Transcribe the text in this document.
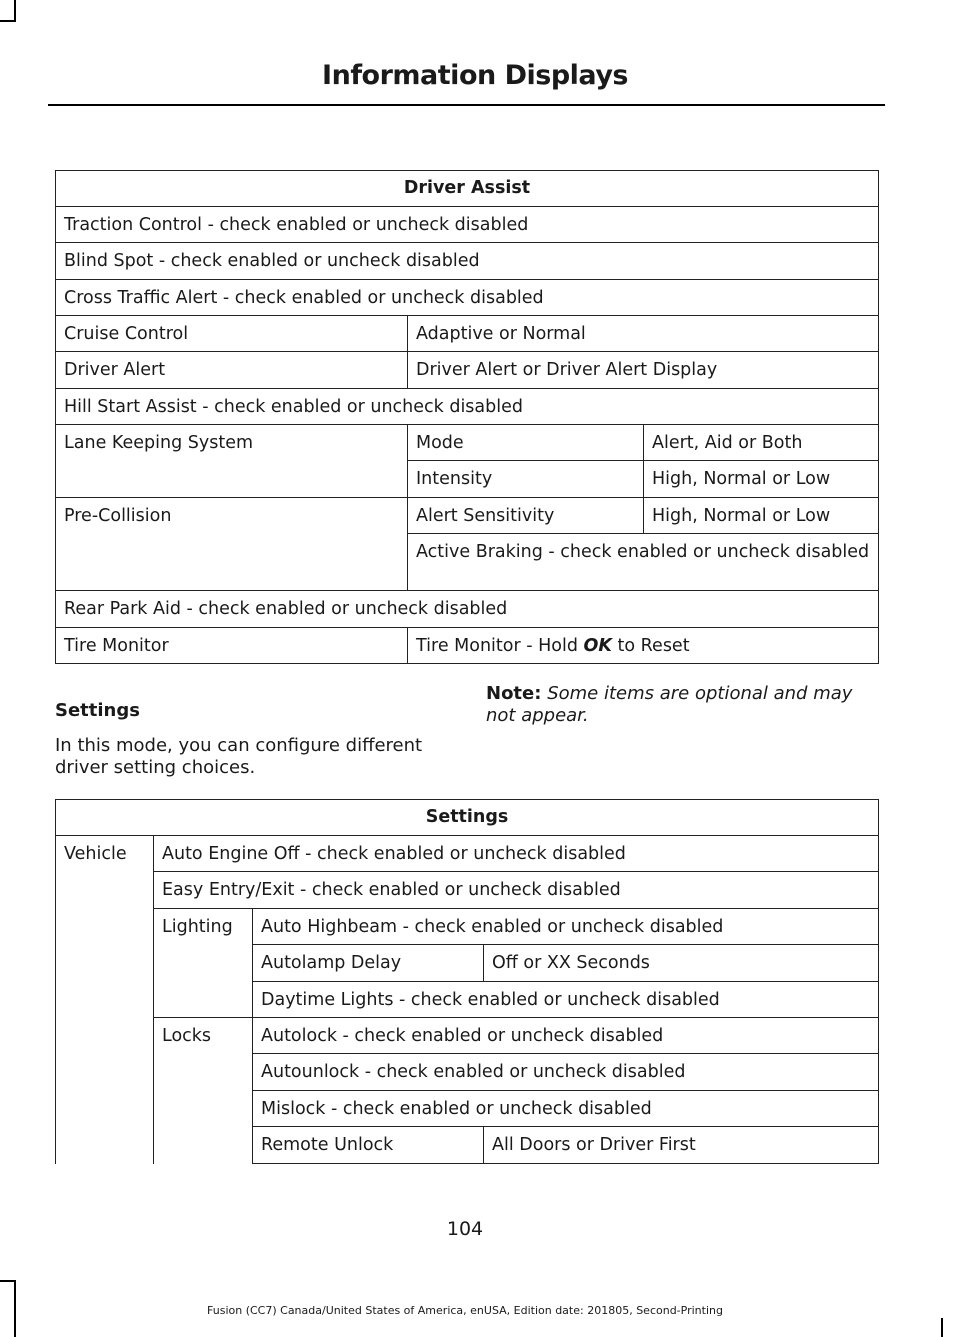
Information Displays
Driver Assist		
Traction Control - check enabled or uncheck disabled		
Blind Spot - check enabled or uncheck disabled		
Cross Traffic Alert - check enabled or uncheck disabled		
Cruise Control	Adaptive or Normal	
Driver Alert	Driver Alert or Driver Alert Display	
Hill Start Assist - check enabled or uncheck disabled		
Lane Keeping System	Mode	Alert, Aid or Both
	Intensity	High, Normal or Low
Pre-Collision	Alert Sensitivity	High, Normal or Low
	Active Braking - check enabled or uncheck disabled	
Rear Park Aid - check enabled or uncheck disabled		
Tire Monitor	Tire Monitor - Hold OK to Reset	
Settings
In this mode, you can configure different driver setting choices.
Note: Some items are optional and may not appear.
Settings			
Vehicle	Auto Engine Off - check enabled or uncheck disabled		
	Easy Entry/Exit - check enabled or uncheck disabled		
	Lighting	Auto Highbeam - check enabled or uncheck disabled	
		Autolamp Delay	Off or XX Seconds
		Daytime Lights - check enabled or uncheck disabled	
	Locks	Autolock - check enabled or uncheck disabled	
		Autounlock - check enabled or uncheck disabled	
		Mislock - check enabled or uncheck disabled	
		Remote Unlock	All Doors or Driver First
104
Fusion (CC7) Canada/United States of America, enUSA, Edition date: 201805, Second-Printing
